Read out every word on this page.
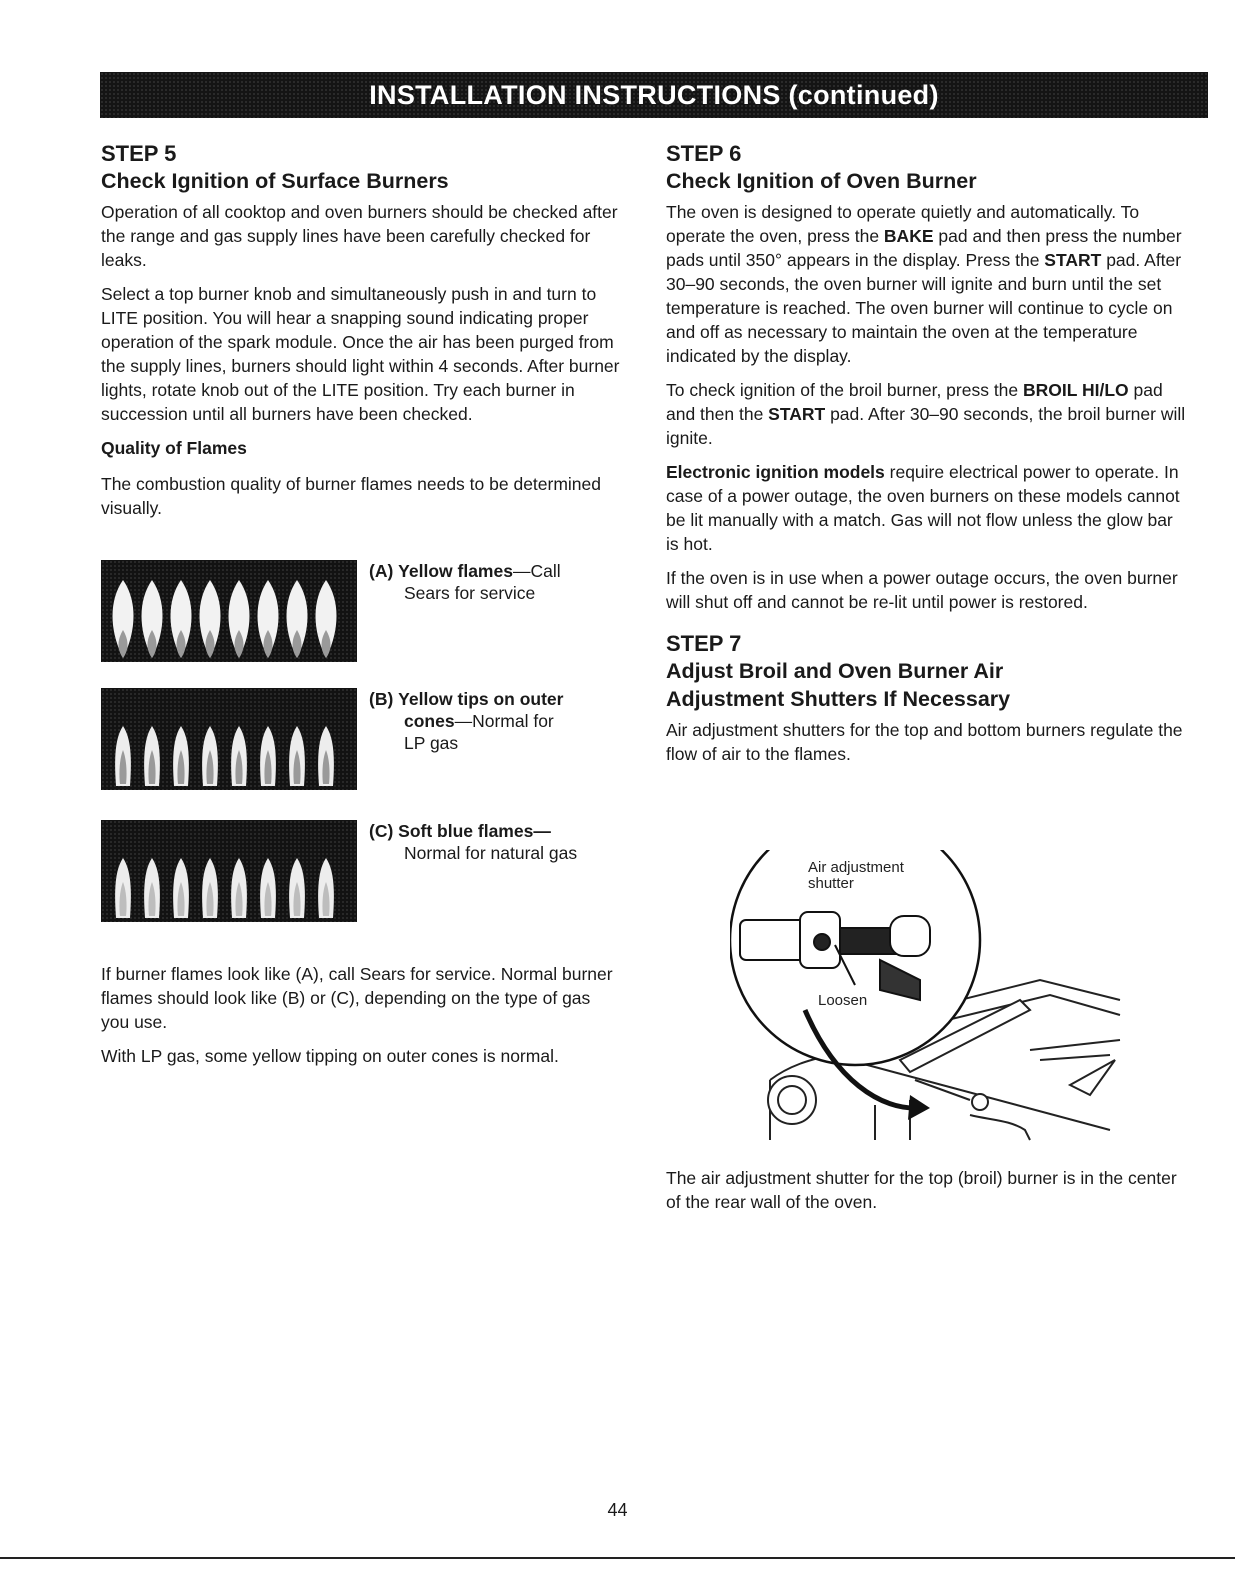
INSTALLATION INSTRUCTIONS (continued)
STEP 5
Check Ignition of Surface Burners

Operation of all cooktop and oven burners should be checked after the range and gas supply lines have been carefully checked for leaks.

Select a top burner knob and simultaneously push in and turn to LITE position. You will hear a snapping sound indicating proper operation of the spark module. Once the air has been purged from the supply lines, burners should light within 4 seconds. After burner lights, rotate knob out of the LITE position. Try each burner in succession until all burners have been checked.

Quality of Flames

The combustion quality of burner flames needs to be determined visually.

(A) Yellow flames—Call
Sears for service
(B) Yellow tips on outer
cones—Normal for
LP gas
(C) Soft blue flames—
Normal for natural gas

If burner flames look like (A), call Sears for service. Normal burner flames should look like (B) or (C), depending on the type of gas you use.

With LP gas, some yellow tipping on outer cones is normal.

STEP 6
Check Ignition of Oven Burner

The oven is designed to operate quietly and automatically. To operate the oven, press the BAKE pad and then press the number pads until 350° appears in the display. Press the START pad. After 30–90 seconds, the oven burner will ignite and burn until the set temperature is reached. The oven burner will continue to cycle on and off as necessary to maintain the oven at the temperature indicated by the display.

To check ignition of the broil burner, press the BROIL HI/LO pad and then the START pad. After 30–90 seconds, the broil burner will ignite.

Electronic ignition models require electrical power to operate. In case of a power outage, the oven burners on these models cannot be lit manually with a match. Gas will not flow unless the glow bar is hot.

If the oven is in use when a power outage occurs, the oven burner will shut off and cannot be re-lit until power is restored.

STEP 7
Adjust Broil and Oven Burner Air
Adjustment Shutters If Necessary

Air adjustment shutters for the top and bottom burners regulate the flow of air to the flames.

Air adjustment
shutter
Loosen

The air adjustment shutter for the top (broil) burner is in the center of the rear wall of the oven.

44
